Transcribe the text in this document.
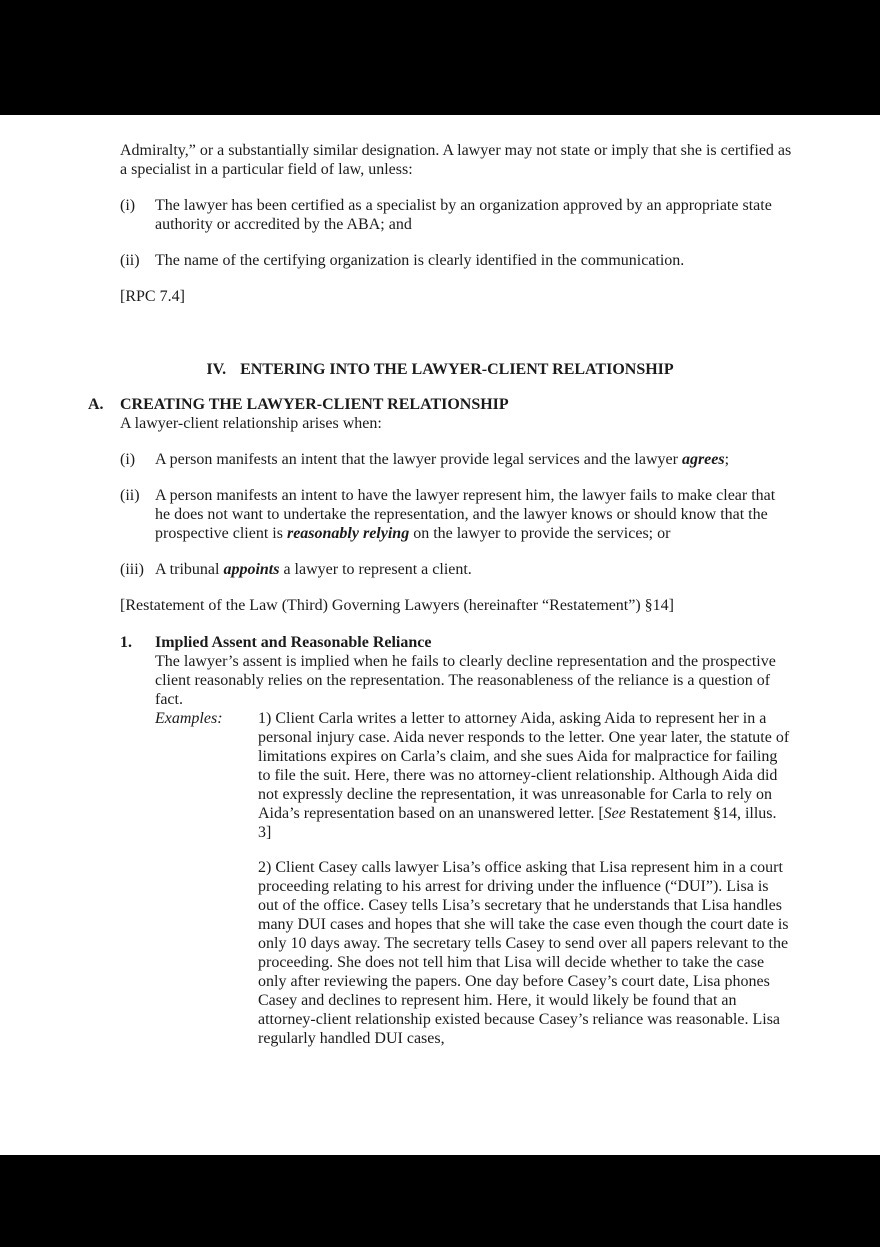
Admiralty,” or a substantially similar designation. A lawyer may not state or imply that she is certified as a specialist in a particular field of law, unless:

(i)	The lawyer has been certified as a specialist by an organization approved by an appropriate state authority or accredited by the ABA; and
(ii) The name of the certifying organization is clearly identified in the communication.

[RPC 7.4]

IV. ENTERING INTO THE LAWYER-CLIENT RELATIONSHIP
A.	CREATING THE LAWYER-CLIENT RELATIONSHIP

A lawyer-client relationship arises when:

(i)	A person manifests an intent that the lawyer provide legal services and the lawyer agrees;
(ii) A person manifests an intent to have the lawyer represent him, the lawyer fails to make clear that he does not want to undertake the representation, and the lawyer knows or should know that the prospective client is reasonably relying on the lawyer to provide the services; or
(iii) A tribunal appoints a lawyer to represent a client.

[Restatement of the Law (Third) Governing Lawyers (hereinafter “Restatement”) §14]

1.	Implied Assent and Reasonable Reliance

The lawyer’s assent is implied when he fails to clearly decline representation and the prospective client reasonably relies on the representation. The reasonableness of the reliance is a question of fact.

Examples:	1) Client Carla writes a letter to attorney Aida, asking Aida to represent her in a personal injury case. Aida never responds to the letter. One year later, the statute of limitations expires on Carla’s claim, and she sues Aida for malpractice for failing to file the suit. Here, there was no attorney-client relationship. Although Aida did not expressly decline the representation, it was unreasonable for Carla to rely on Aida’s representation based on an unanswered letter. [See Restatement §14, illus. 3]

2) Client Casey calls lawyer Lisa’s office asking that Lisa represent him in a court proceeding relating to his arrest for driving under the influence (“DUI”). Lisa is out of the office. Casey tells Lisa’s secretary that he understands that Lisa handles many DUI cases and hopes that she will take the case even though the court date is only 10 days away. The secretary tells Casey to send over all papers relevant to the proceeding. She does not tell him that Lisa will decide whether to take the case only after reviewing the papers. One day before Casey’s court date, Lisa phones Casey and declines to represent him. Here, it would likely be found that an attorney-client relationship existed because Casey’s reliance was reasonable. Lisa regularly handled DUI cases,
